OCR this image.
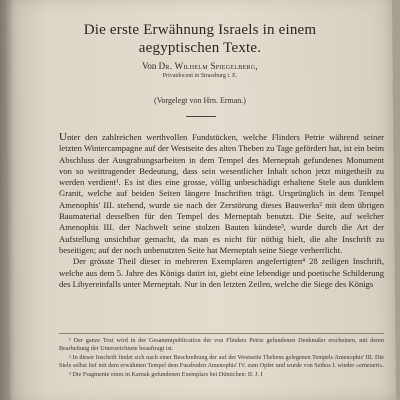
Die erste Erwähnung Israels in einem
aegyptischen Texte.
Von Dr. Wilhelm Spiegelberg,
Privatdocent in Strassburg i. E.
(Vorgelegt von Hrn. Erman.)

Unter den zahlreichen werthvollen Fundstücken, welche Flinders Petrie während seiner letzten Wintercampagne auf der Westseite des alten Theben zu Tage gefördert hat, ist ein beim Abschluss der Ausgrabungsarbeiten in dem Tempel des Merneptah gefundenes Monument von so weittragender Bedeutung, dass sein wesentlicher Inhalt schon jetzt mitgetheilt zu werden verdient¹. Es ist dies eine grosse, völlig unbeschädigt erhaltene Stele aus dunklem Granit, welche auf beiden Seiten längere Inschriften trägt. Ursprünglich in dem Tempel Amenophis' III. stehend, wurde sie nach der Zerstörung dieses Bauwerks² mit dem übrigen Baumaterial desselben für den Tempel des Merneptah benutzt. Die Seite, auf welcher Amenophis III. der Nachwelt seine stolzen Bauten kündete³, wurde durch die Art der Aufstellung unsichtbar gemacht, da man es nicht für nöthig hielt, die alte Inschrift zu beseitigen; auf der noch unbenutzten Seite hat Merneptah seine Siege verherrlicht.

Der grösste Theil dieser in mehreren Exemplaren angefertigten⁴ 28 zeiligen Inschrift, welche aus dem 5. Jahre des Königs datirt ist, giebt eine lebendige und poetische Schilderung des Libyereinfalls unter Merneptah. Nur in den letzten Zeilen, welche die Siege des Königs

¹ Der ganze Text wird in der Gesammtpublication der von Flinders Petrie gefundenen Denkmäler erscheinen, mit deren Bearbeitung der Unterzeichnete beauftragt ist.

² In dieser Inschrift findet sich nach einer Beschreibung der auf der Westseite Thebens gelegenen Tempels Amenophis' III. Die Stele selbst lief mit dem erwähnten Tempel dem Fussboden Amenophis' IV. zum Opfer und wurde von Sethos I. wieder »erneuert«.

³ Die Fragmente eines in Karnak gefundenen Exemplars bei Dümichen: II. J. I
